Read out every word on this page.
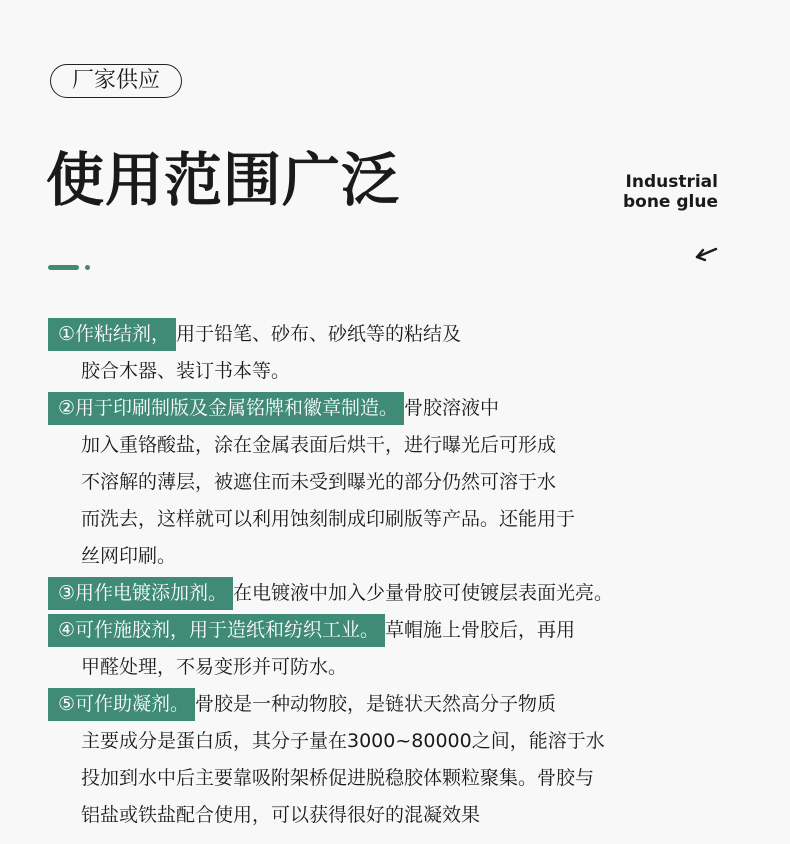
厂家供应
使用范围广泛	Industrial
bone glue
①作粘结剂， 用于铅笔、砂布、砂纸等的粘结及
胶合木器、装订书本等。
②用于印刷制版及金属铭牌和徽章制造。 骨胶溶液中
加入重铬酸盐，涂在金属表面后烘干，进行曝光后可形成
不溶解的薄层，被遮住而未受到曝光的部分仍然可溶于水
而洗去，这样就可以利用蚀刻制成印刷版等产品。还能用于
丝网印刷。
③用作电镀添加剂。 在电镀液中加入少量骨胶可使镀层表面光亮。
④可作施胶剂，用于造纸和纺织工业。 草帽施上骨胶后，再用
甲醛处理，不易变形并可防水。
⑤可作助凝剂。 骨胶是一种动物胶，是链状天然高分子物质
主要成分是蛋白质，其分子量在3000~80000之间，能溶于水
投加到水中后主要靠吸附架桥促进脱稳胶体颗粒聚集。骨胶与
铝盐或铁盐配合使用，可以获得很好的混凝效果
